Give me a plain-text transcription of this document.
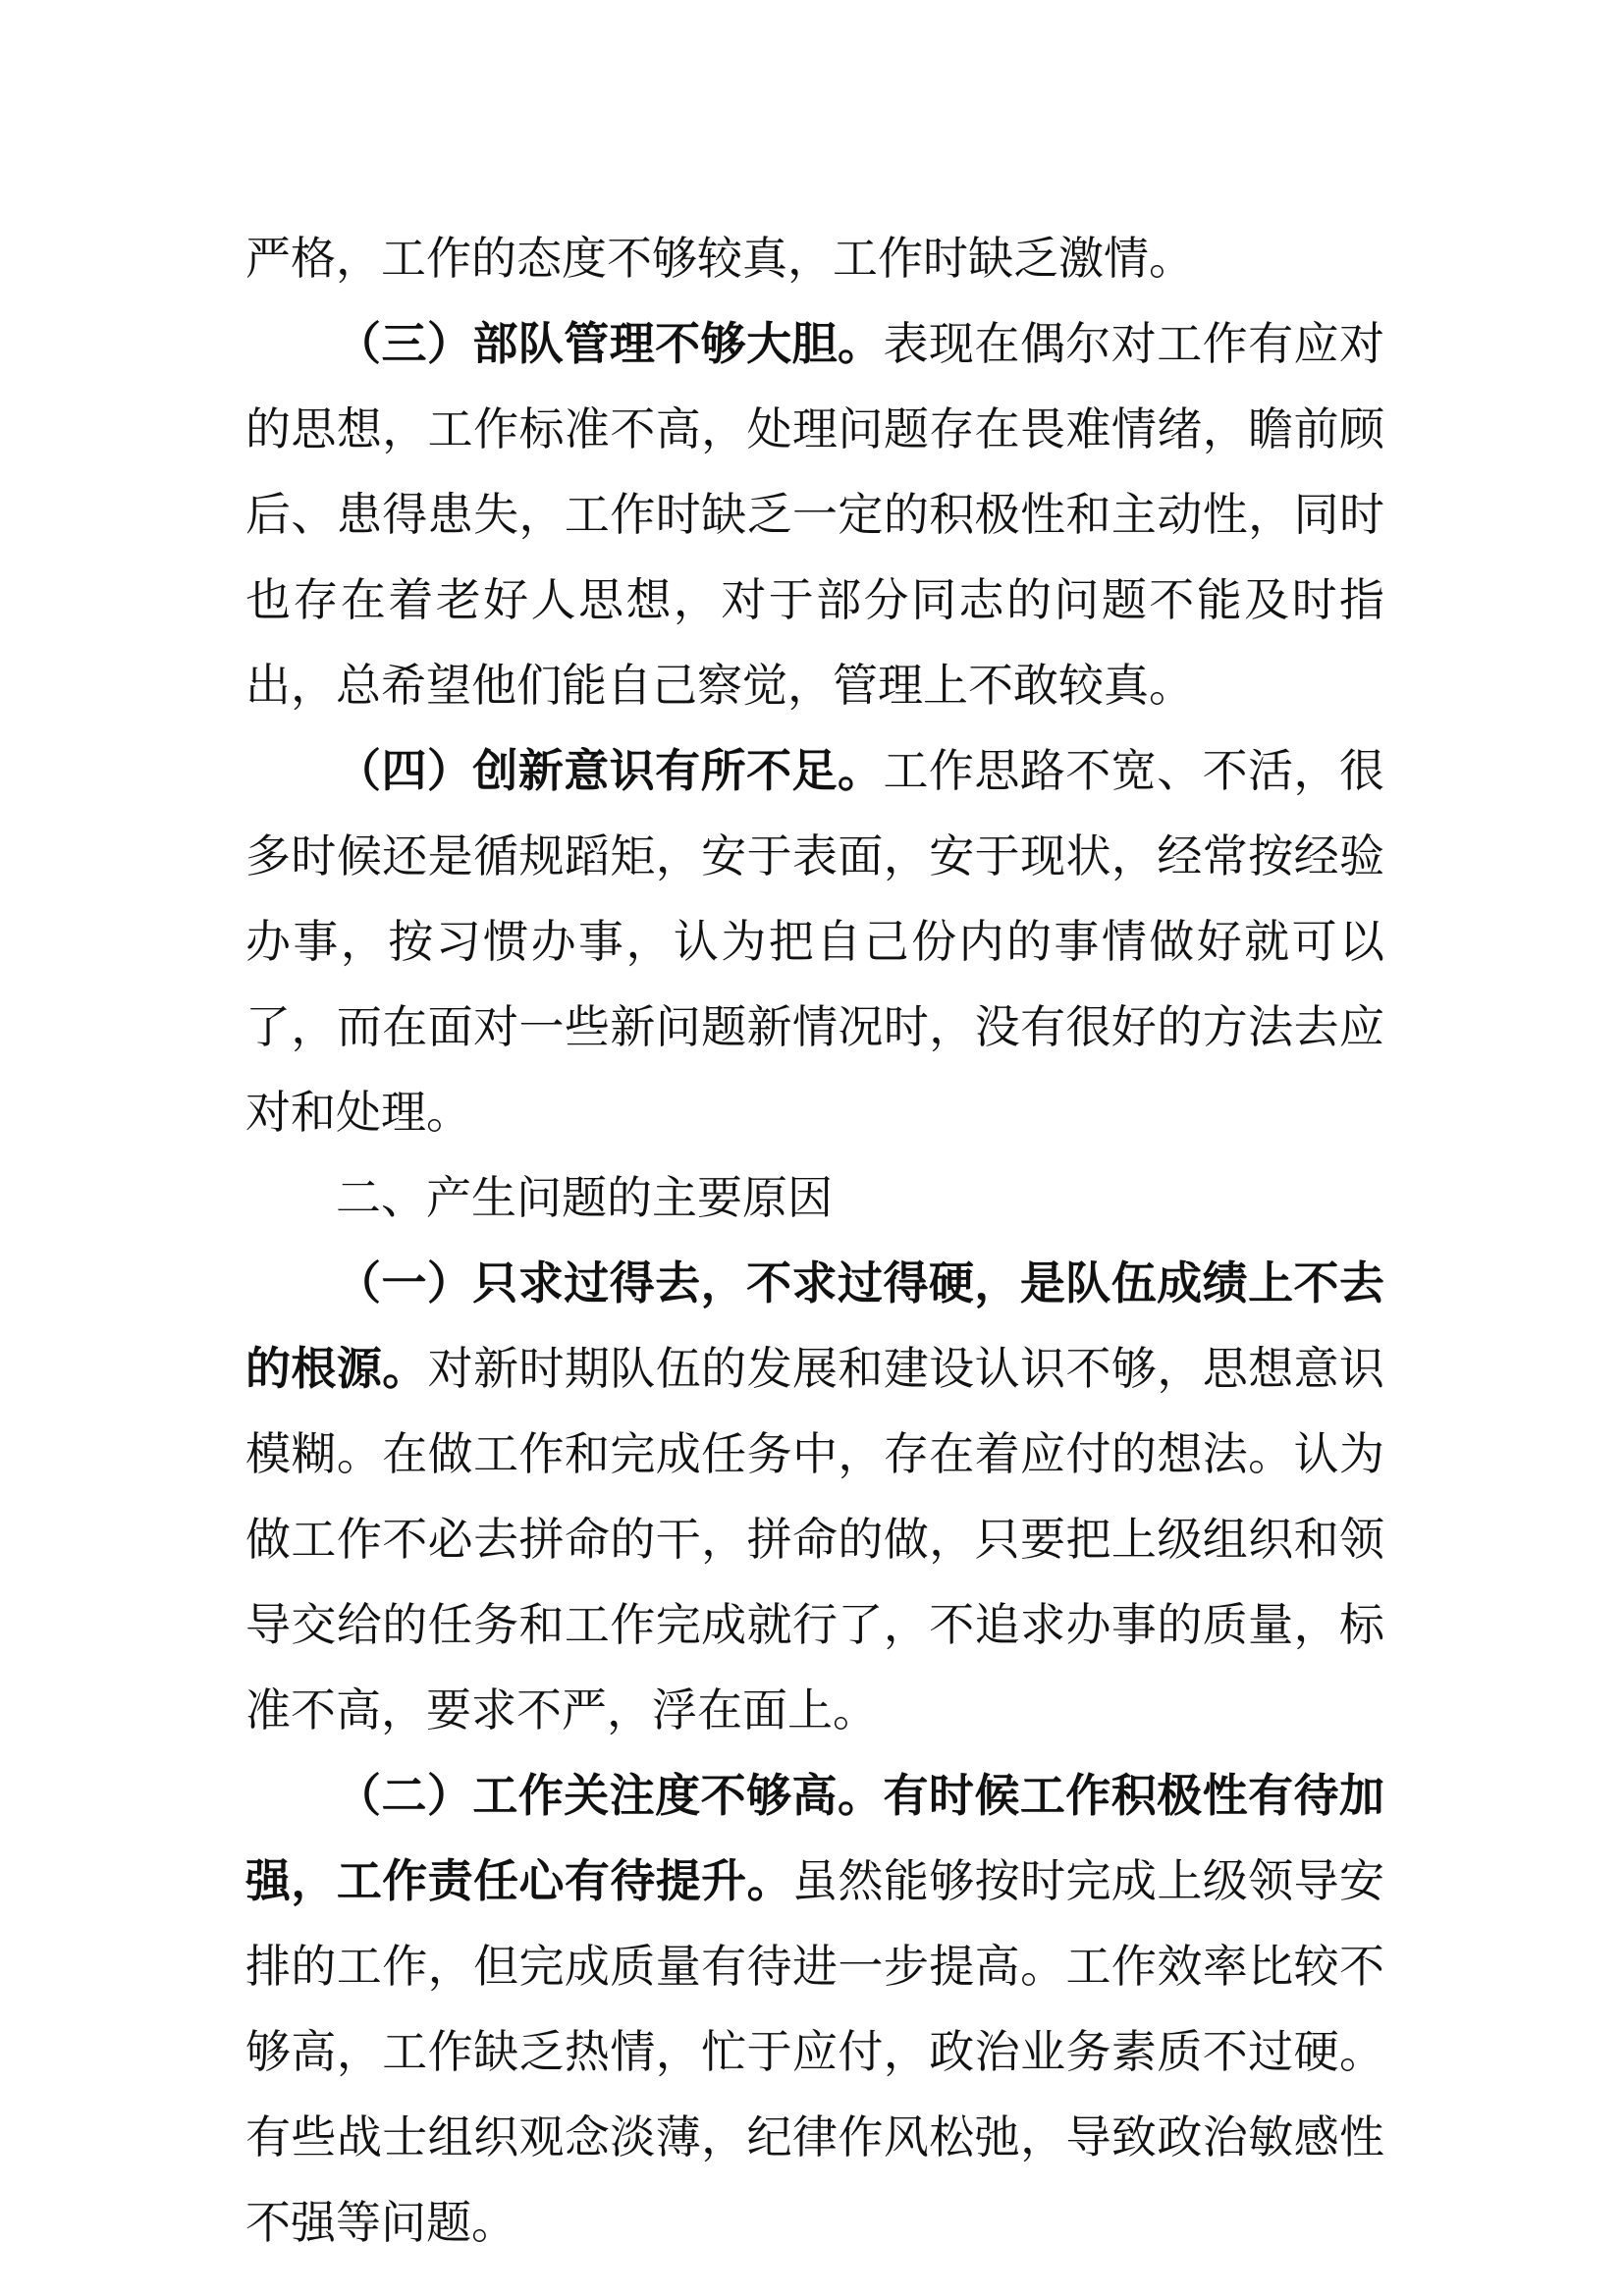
严格，工作的态度不够较真，工作时缺乏激情。

（三）部队管理不够大胆。表现在偶尔对工作有应对的思想，工作标准不高，处理问题存在畏难情绪，瞻前顾后、患得患失，工作时缺乏一定的积极性和主动性，同时也存在着老好人思想，对于部分同志的问题不能及时指出，总希望他们能自己察觉，管理上不敢较真。

（四）创新意识有所不足。工作思路不宽、不活，很多时候还是循规蹈矩，安于表面，安于现状，经常按经验办事，按习惯办事，认为把自己份内的事情做好就可以了，而在面对一些新问题新情况时，没有很好的方法去应对和处理。

二、产生问题的主要原因

（一）只求过得去，不求过得硬，是队伍成绩上不去的根源。对新时期队伍的发展和建设认识不够，思想意识模糊。在做工作和完成任务中，存在着应付的想法。认为做工作不必去拼命的干，拼命的做，只要把上级组织和领导交给的任务和工作完成就行了，不追求办事的质量，标准不高，要求不严，浮在面上。

（二）工作关注度不够高。有时候工作积极性有待加强，工作责任心有待提升。虽然能够按时完成上级领导安排的工作，但完成质量有待进一步提高。工作效率比较不够高，工作缺乏热情，忙于应付，政治业务素质不过硬。有些战士组织观念淡薄，纪律作风松弛，导致政治敏感性不强等问题。
